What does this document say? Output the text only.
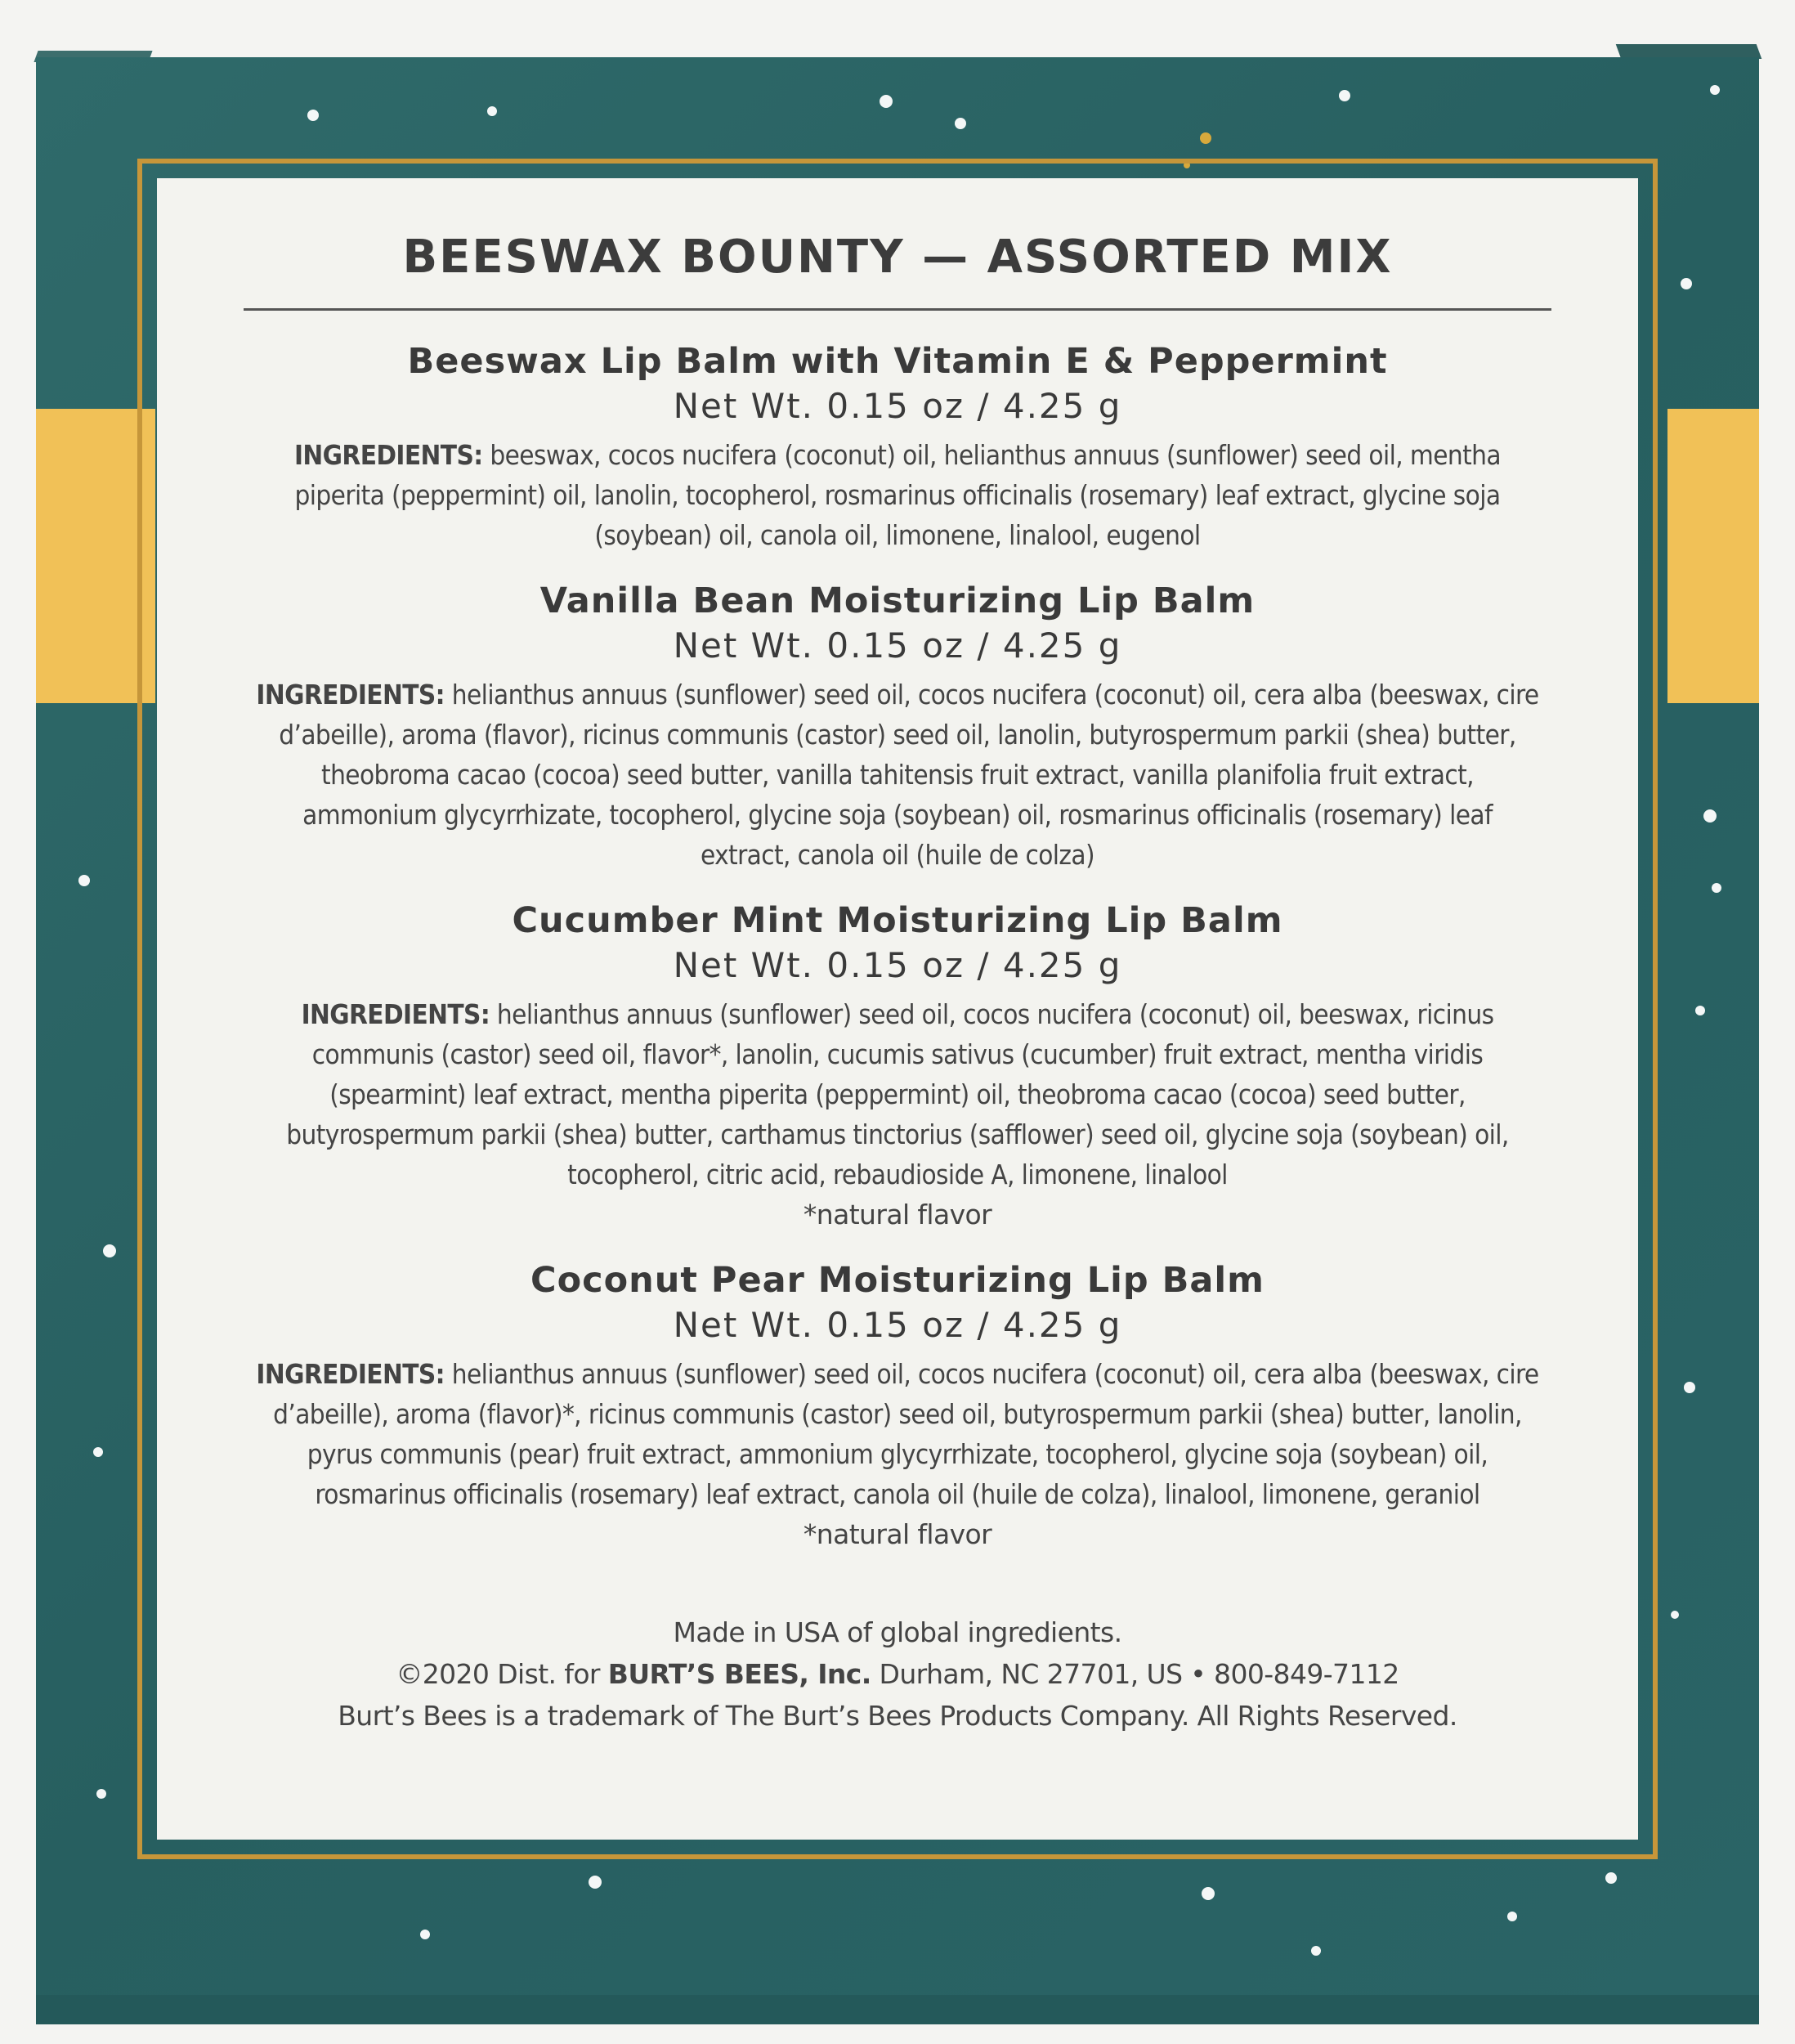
BEESWAX BOUNTY — ASSORTED MIX

Beeswax Lip Balm with Vitamin E & Peppermint

Net Wt. 0.15 oz / 4.25 g

INGREDIENTS: beeswax, cocos nucifera (coconut) oil, helianthus annuus (sunflower) seed oil, mentha piperita (peppermint) oil, lanolin, tocopherol, rosmarinus officinalis (rosemary) leaf extract, glycine soja (soybean) oil, canola oil, limonene, linalool, eugenol

Vanilla Bean Moisturizing Lip Balm

Net Wt. 0.15 oz / 4.25 g

INGREDIENTS: helianthus annuus (sunflower) seed oil, cocos nucifera (coconut) oil, cera alba (beeswax, cire d’abeille), aroma (flavor), ricinus communis (castor) seed oil, lanolin, butyrospermum parkii (shea) butter, theobroma cacao (cocoa) seed butter, vanilla tahitensis fruit extract, vanilla planifolia fruit extract, ammonium glycyrrhizate, tocopherol, glycine soja (soybean) oil, rosmarinus officinalis (rosemary) leaf extract, canola oil (huile de colza)

Cucumber Mint Moisturizing Lip Balm

Net Wt. 0.15 oz / 4.25 g

INGREDIENTS: helianthus annuus (sunflower) seed oil, cocos nucifera (coconut) oil, beeswax, ricinus communis (castor) seed oil, flavor*, lanolin, cucumis sativus (cucumber) fruit extract, mentha viridis (spearmint) leaf extract, mentha piperita (peppermint) oil, theobroma cacao (cocoa) seed butter, butyrospermum parkii (shea) butter, carthamus tinctorius (safflower) seed oil, glycine soja (soybean) oil, tocopherol, citric acid, rebaudioside A, limonene, linalool

*natural flavor

Coconut Pear Moisturizing Lip Balm

Net Wt. 0.15 oz / 4.25 g

INGREDIENTS: helianthus annuus (sunflower) seed oil, cocos nucifera (coconut) oil, cera alba (beeswax, cire d’abeille), aroma (flavor)*, ricinus communis (castor) seed oil, butyrospermum parkii (shea) butter, lanolin, pyrus communis (pear) fruit extract, ammonium glycyrrhizate, tocopherol, glycine soja (soybean) oil, rosmarinus officinalis (rosemary) leaf extract, canola oil (huile de colza), linalool, limonene, geraniol

*natural flavor

Made in USA of global ingredients.
©2020 Dist. for BURT’S BEES, Inc. Durham, NC 27701, US • 800-849-7112
Burt’s Bees is a trademark of The Burt’s Bees Products Company. All Rights Reserved.
